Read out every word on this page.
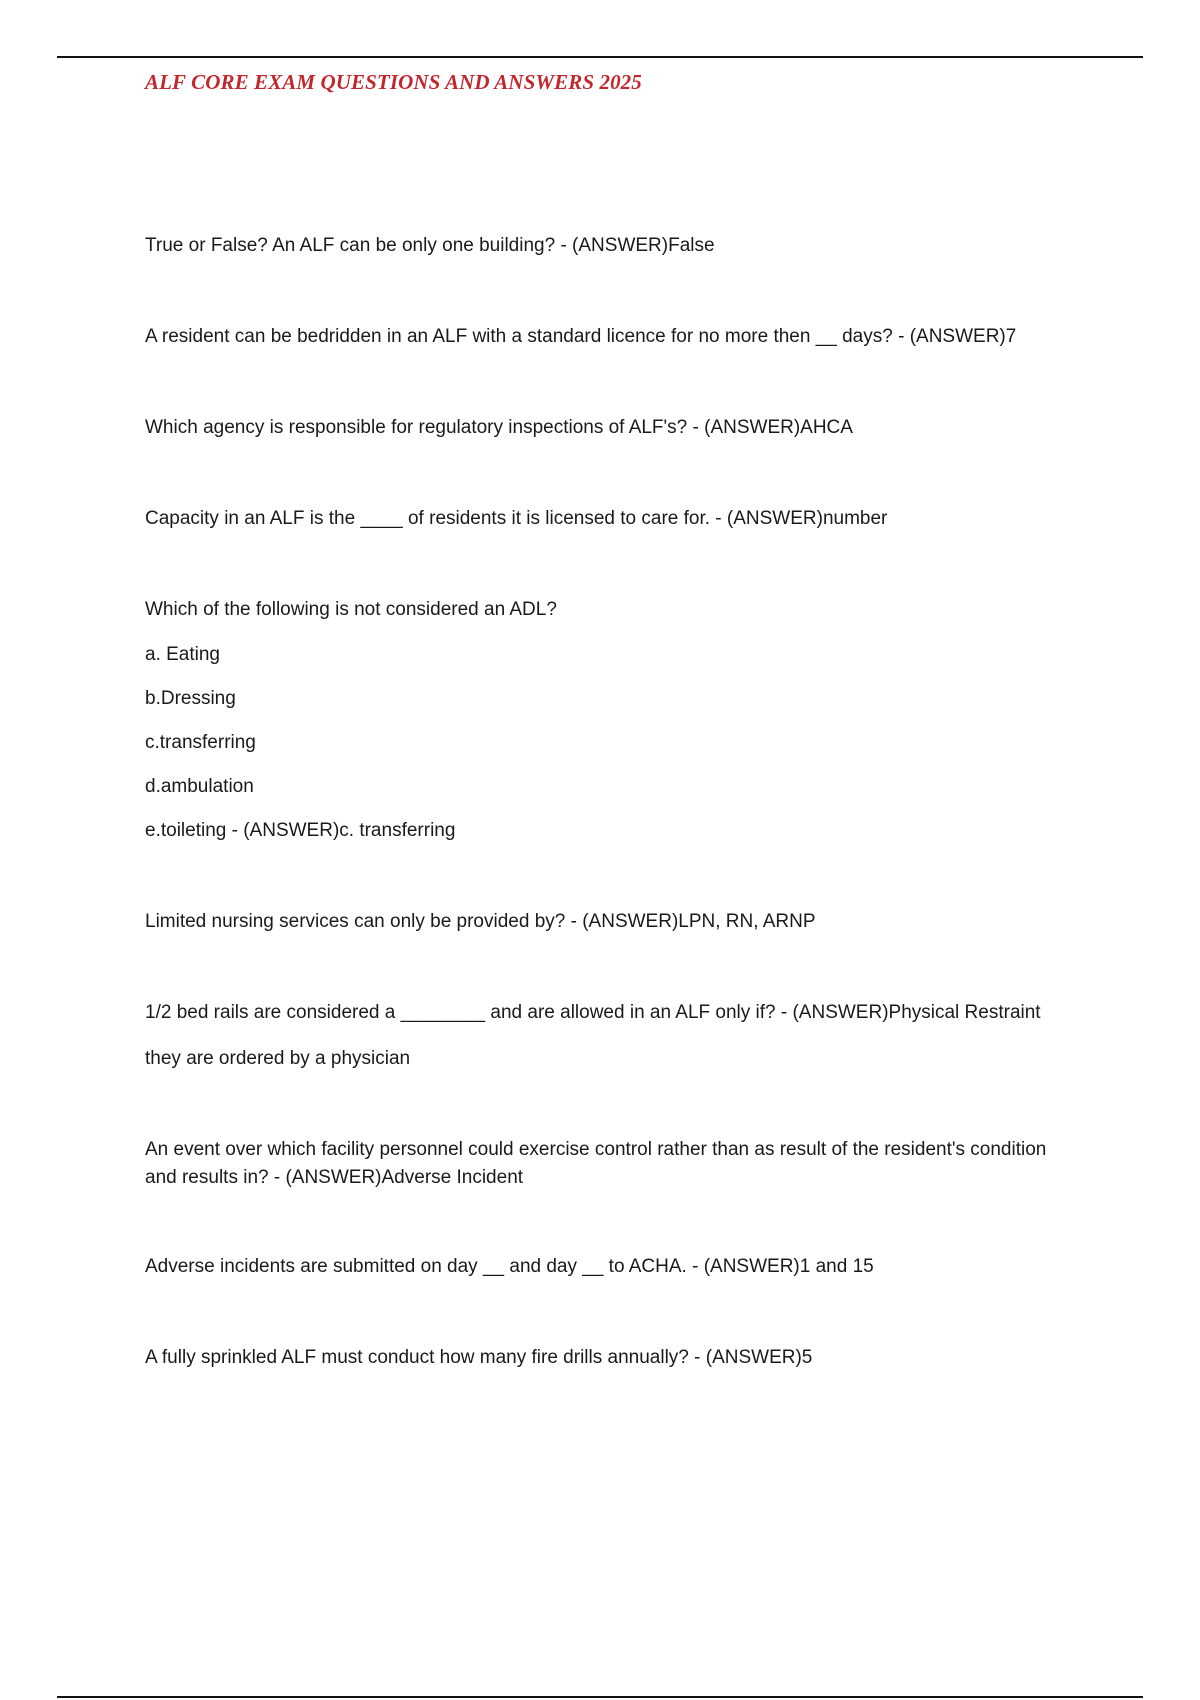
ALF CORE EXAM QUESTIONS AND ANSWERS 2025

True or False? An ALF can be only one building? - (ANSWER)False

A resident can be bedridden in an ALF with a standard licence for no more then __ days? - (ANSWER)7

Which agency is responsible for regulatory inspections of ALF's? - (ANSWER)AHCA

Capacity in an ALF is the ____ of residents it is licensed to care for. - (ANSWER)number

Which of the following is not considered an ADL?

a. Eating
b.Dressing
c.transferring
d.ambulation
e.toileting - (ANSWER)c. transferring

Limited nursing services can only be provided by? - (ANSWER)LPN, RN, ARNP

1/2 bed rails are considered a ________ and are allowed in an ALF only if? - (ANSWER)Physical Restraint

they are ordered by a physician

An event over which facility personnel could exercise control rather than as result of the resident's condition and results in? - (ANSWER)Adverse Incident

Adverse incidents are submitted on day __ and day __ to ACHA. - (ANSWER)1 and 15

A fully sprinkled ALF must conduct how many fire drills annually? - (ANSWER)5
